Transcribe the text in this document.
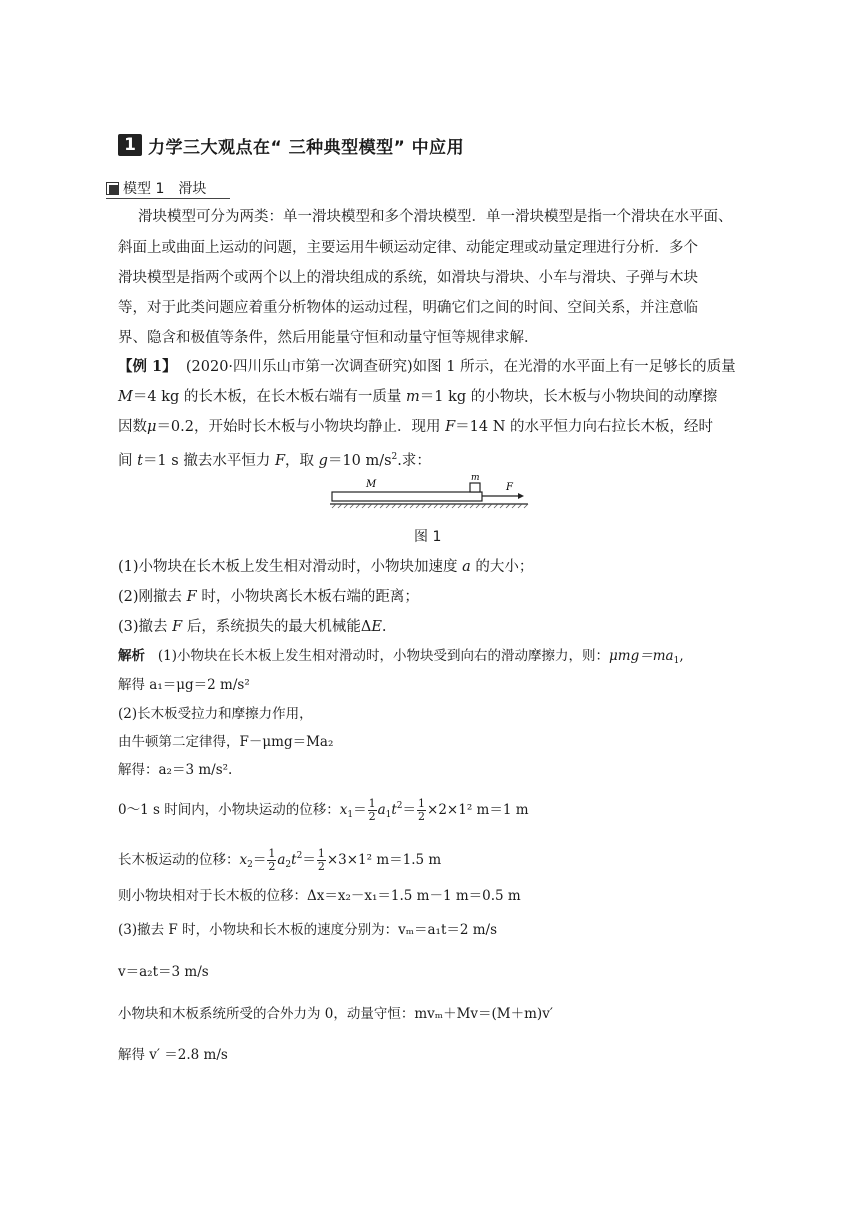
1 力学三大观点在“ 三种典型模型” 中应用
模型 1 滑块
滑块模型可分为两类：单一滑块模型和多个滑块模型．单一滑块模型是指一个滑块在水平面、
斜面上或曲面上运动的问题，主要运用牛顿运动定律、动能定理或动量定理进行分析．多个
滑块模型是指两个或两个以上的滑块组成的系统，如滑块与滑块、小车与滑块、子弹与木块
等，对于此类问题应着重分析物体的运动过程，明确它们之间的时间、空间关系，并注意临
界、隐含和极值等条件，然后用能量守恒和动量守恒等规律求解．
【例 1】 (2020·四川乐山市第一次调查研究)如图 1 所示，在光滑的水平面上有一足够长的质量
M＝4 kg 的长木板，在长木板右端有一质量 m＝1 kg 的小物块，长木板与小物块间的动摩擦
因数μ＝0.2，开始时长木板与小物块均静止．现用 F＝14 N 的水平恒力向右拉长木板，经时
间 t＝1 s 撤去水平恒力 F，取 g＝10 $m/s^2$.求：
M
m
F
图 1
(1)小物块在长木板上发生相对滑动时，小物块加速度 a 的大小；
(2)刚撤去 F 时，小物块离长木板右端的距离；
(3)撤去 F 后，系统损失的最大机械能ΔE.
解析 (1)小物块在长木板上发生相对滑动时，小物块受到向右的滑动摩擦力，则：$\mu mg=ma_1$,
解得 a₁＝μg＝2 m/s²
(2)长木板受拉力和摩擦力作用，
由牛顿第二定律得，F－μmg＝Ma₂
解得：a₂＝3 m/s².
0～1 s 时间内，小物块运动的位移：$x_1= \frac{1}{2} a_1t^2= \frac{1}{2} \times 2\times 1^2$ m＝1 m
长木板运动的位移：$x_2= \frac{1}{2} a_2t^2= \frac{1}{2} \times 3\times 1^2$ m＝1.5 m
则小物块相对于长木板的位移：Δx＝x₂－x₁＝1.5 m－1 m＝0.5 m
(3)撤去 F 时，小物块和长木板的速度分别为：vₘ＝a₁t＝2 m/s
v＝a₂t＝3 m/s
小物块和木板系统所受的合外力为 0，动量守恒：mvₘ＋Mv＝(M＋m)v′
解得 v′ ＝2.8 m/s
